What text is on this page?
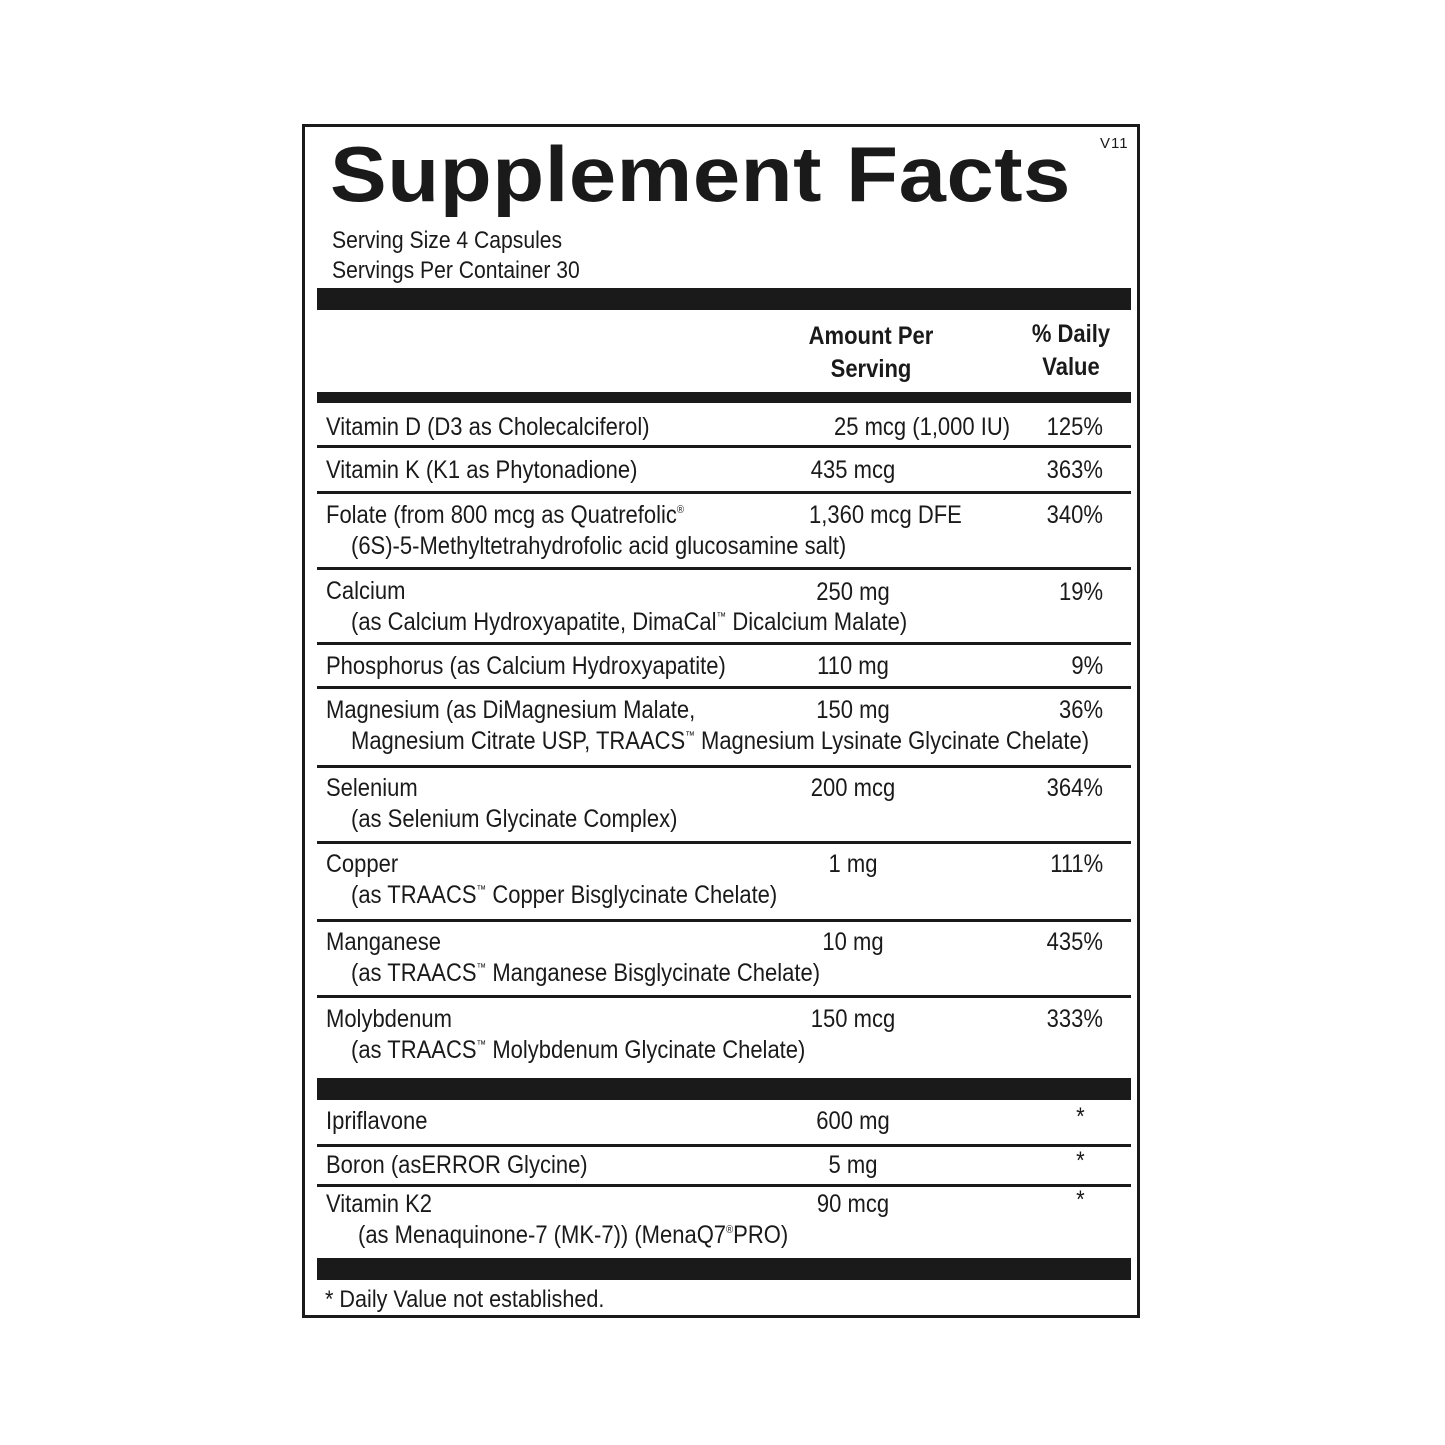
V11
Supplement Facts
Serving Size 4 Capsules
Servings Per Container 30
Amount Per
Serving
% Daily
Value
Vitamin D (D3 as Cholecalciferol)	25 mcg (1,000 IU) 125%
Vitamin K (K1 as Phytonadione)	435 mcg	363%
Folate (from 800 mcg as Quatrefolic®
(6S)-5-Methyltetrahydrofolic acid glucosamine salt)
1,360 mcg DFE	340%
Calcium
(as Calcium Hydroxyapatite, DimaCal™ Dicalcium Malate)
250 mg	19%
Phosphorus (as Calcium Hydroxyapatite)	110 mg	9%
Magnesium (as DiMagnesium Malate,
Magnesium Citrate USP, TRAACS™ Magnesium Lysinate Glycinate Chelate)
150 mg	36%
Selenium
(as Selenium Glycinate Complex)
200 mcg	364%
Copper
(as TRAACS™ Copper Bisglycinate Chelate)
1 mg	111%
Manganese
(as TRAACS™ Manganese Bisglycinate Chelate)
10 mg	435%
Molybdenum
(as TRAACS™ Molybdenum Glycinate Chelate)
150 mcg	333%
Ipriflavone	600 mg	*
Boron (asERROR Glycine)	5 mg	*
Vitamin K2
(as Menaquinone-7 (MK-7)) (MenaQ7®PRO)
90 mcg	*
* Daily Value not established.
